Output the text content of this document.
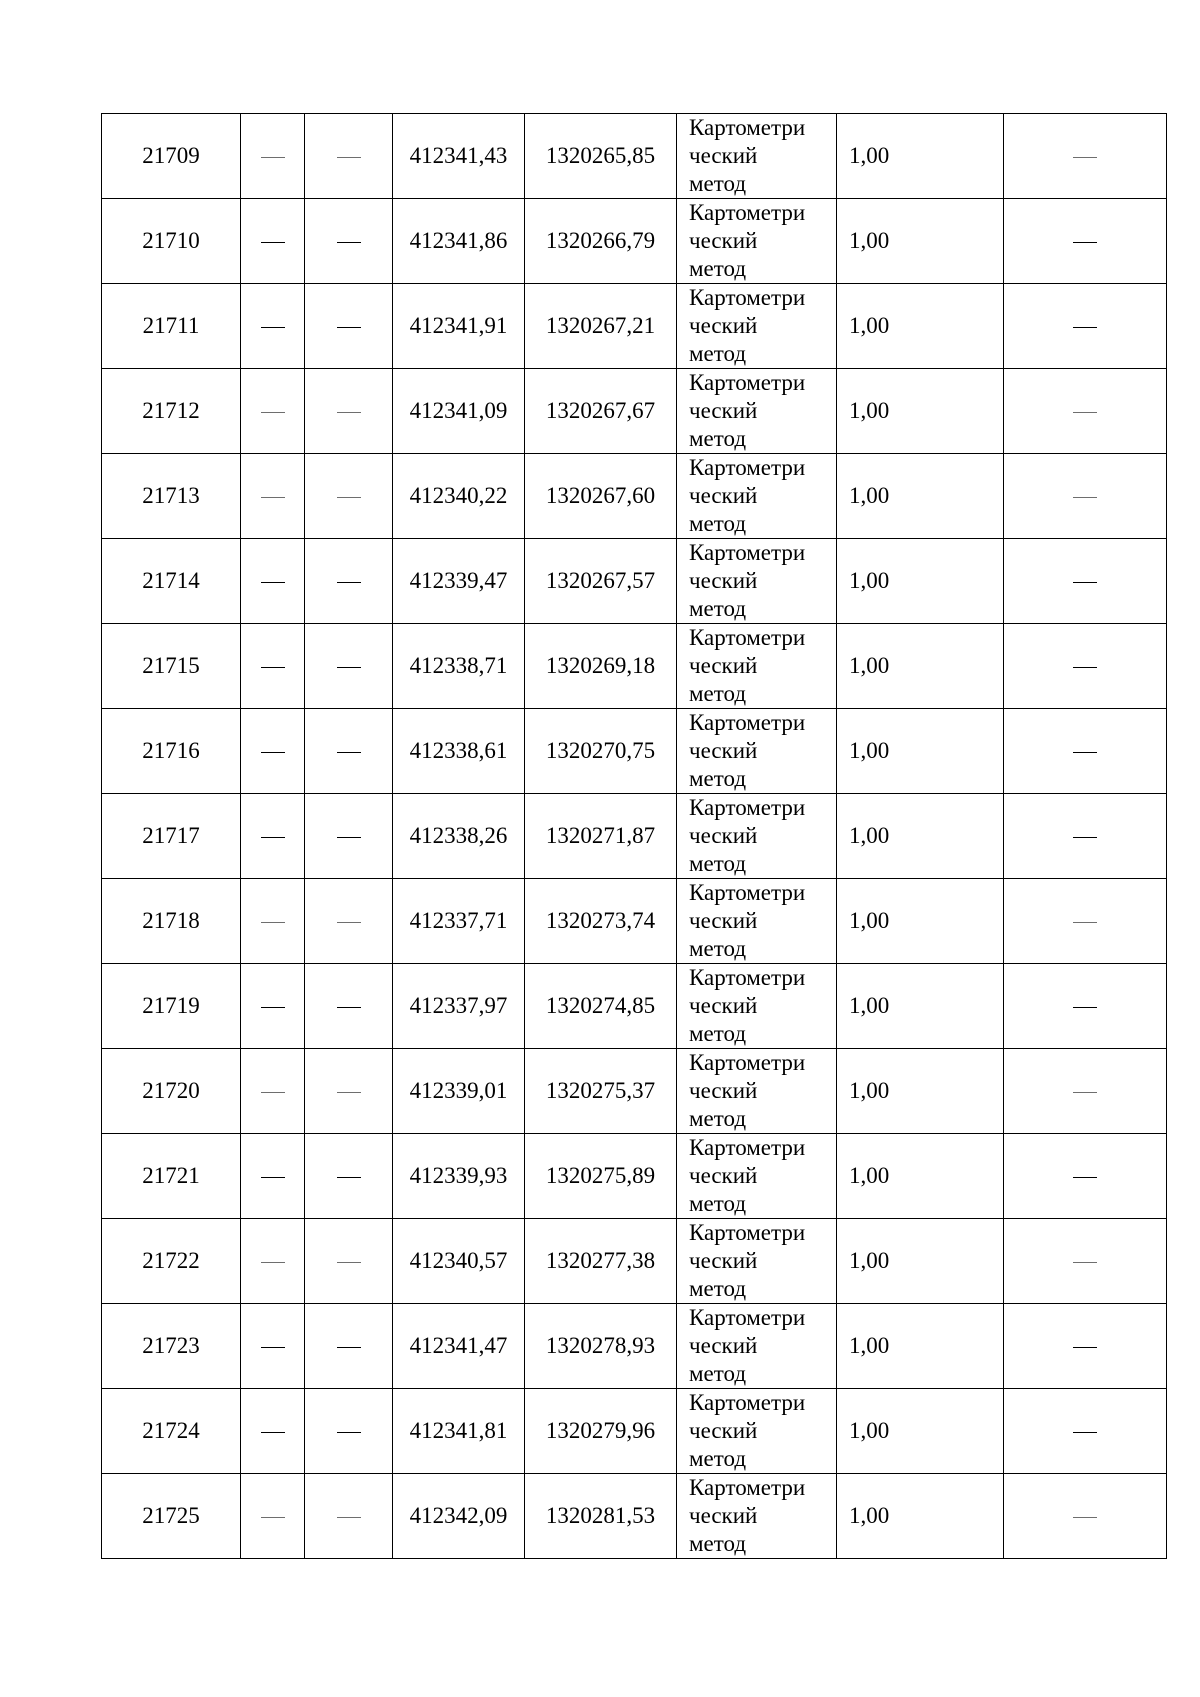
21709			412341,43	1320265,85	Картометри
ческий
метод	1,00	
21710			412341,86	1320266,79	Картометри
ческий
метод	1,00	
21711			412341,91	1320267,21	Картометри
ческий
метод	1,00	
21712			412341,09	1320267,67	Картометри
ческий
метод	1,00	
21713			412340,22	1320267,60	Картометри
ческий
метод	1,00	
21714			412339,47	1320267,57	Картометри
ческий
метод	1,00	
21715			412338,71	1320269,18	Картометри
ческий
метод	1,00	
21716			412338,61	1320270,75	Картометри
ческий
метод	1,00	
21717			412338,26	1320271,87	Картометри
ческий
метод	1,00	
21718			412337,71	1320273,74	Картометри
ческий
метод	1,00	
21719			412337,97	1320274,85	Картометри
ческий
метод	1,00	
21720			412339,01	1320275,37	Картометри
ческий
метод	1,00	
21721			412339,93	1320275,89	Картометри
ческий
метод	1,00	
21722			412340,57	1320277,38	Картометри
ческий
метод	1,00	
21723			412341,47	1320278,93	Картометри
ческий
метод	1,00	
21724			412341,81	1320279,96	Картометри
ческий
метод	1,00	
21725			412342,09	1320281,53	Картометри
ческий
метод	1,00	
